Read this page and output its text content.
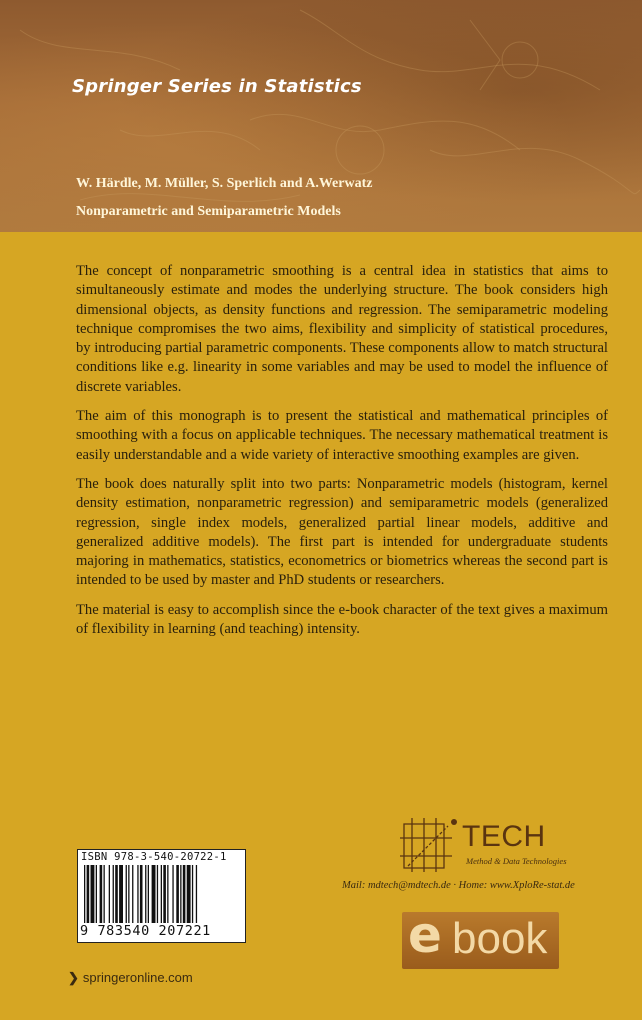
Springer Series in Statistics
W. Härdle, M. Müller, S. Sperlich and A.Werwatz
Nonparametric and Semiparametric Models

The concept of nonparametric smoothing is a central idea in statistics that aims to simultaneously estimate and modes the underlying structure. The book considers high dimensional objects, as density functions and regression. The semiparametric modeling technique compromises the two aims, flexibility and simplicity of statistical procedures, by introducing partial parametric components. These components allow to match structural conditions like e.g. linearity in some variables and may be used to model the influence of discrete variables.

The aim of this monograph is to present the statistical and mathematical principles of smoothing with a focus on applicable techniques. The necessary mathematical treatment is easily understandable and a wide variety of interactive smoothing examples are given.

The book does naturally split into two parts: Nonparametric models (histogram, kernel density estimation, nonparametric regression) and semiparametric models (generalized regression, single index models, generalized partial linear models, additive and generalized additive models). The first part is intended for undergraduate students majoring in mathematics, statistics, econometrics or biometrics whereas the second part is intended to be used by master and PhD students or researchers.

The material is easy to accomplish since the e-book character of the text gives a maximum of flexibility in learning (and teaching) intensity.

ISBN 978-3-540-20722-1
9 783540 207221
TECH
Method & Data Technologies
Mail: mdtech@mdtech.de · Home: www.XploRe-stat.de
e book
❯ springeronline.com
